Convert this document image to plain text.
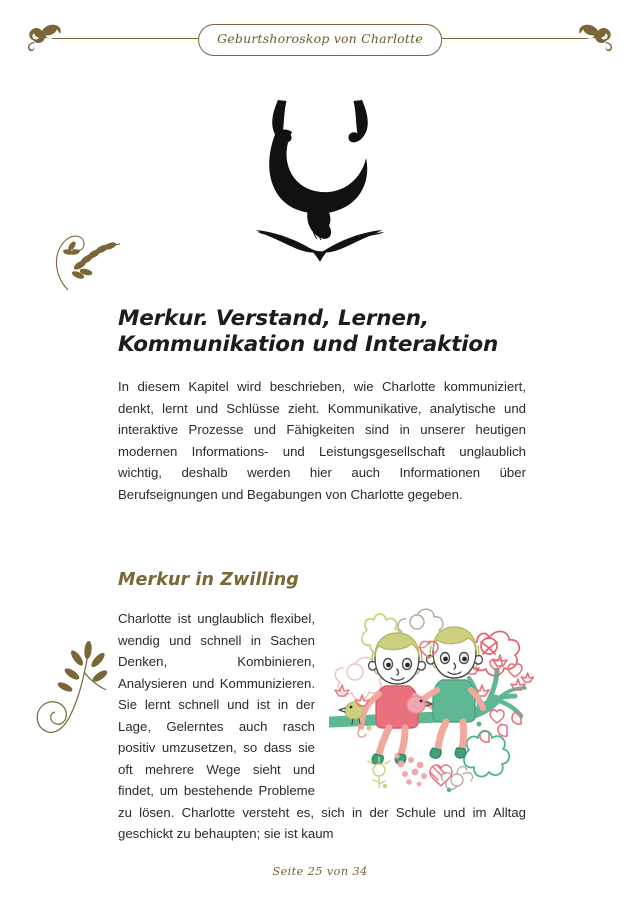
Geburtshoroskop von Charlotte
Merkur. Verstand, Lernen, Kommunikation und Interaktion

In diesem Kapitel wird beschrieben, wie Charlotte kommuniziert, denkt, lernt und Schlüsse zieht. Kommunikative, analytische und interaktive Prozesse und Fähigkeiten sind in unserer heutigen modernen Informations- und Leistungsgesellschaft unglaublich wichtig, deshalb werden hier auch Informationen über Berufseignungen und Begabungen von Charlotte gegeben.

Merkur in Zwilling

Charlotte ist unglaublich flexibel, wendig und schnell in Sachen Denken, Kombinieren, Analysieren und Kommunizieren. Sie lernt schnell und ist in der Lage, Gelerntes auch rasch positiv umzusetzen, so dass sie oft mehrere Wege sieht und findet, um bestehende Probleme zu lösen. Charlotte versteht es, sich in der Schule und im Alltag geschickt zu behaupten; sie ist kaum

Seite 25 von 34
